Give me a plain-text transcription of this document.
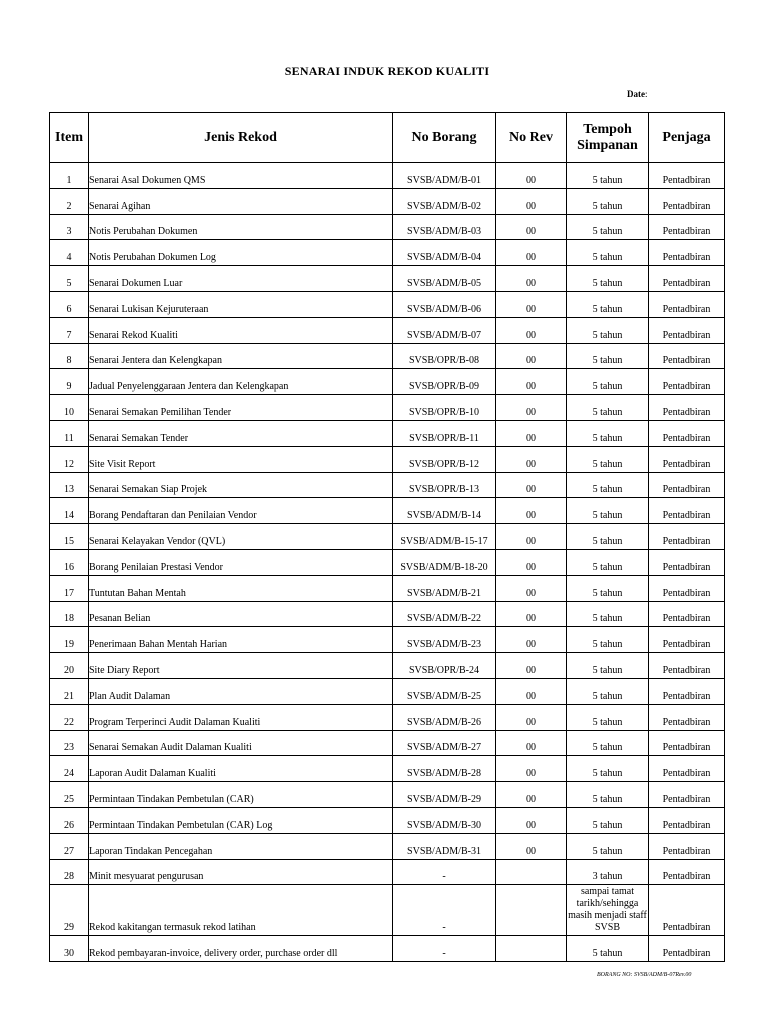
SENARAI INDUK REKOD KUALITI
Date:
Item	Jenis Rekod	No Borang	No Rev	Tempoh Simpanan	Penjaga
1	Senarai Asal Dokumen QMS	SVSB/ADM/B-01	00	5 tahun	Pentadbiran
2	Senarai Agihan	SVSB/ADM/B-02	00	5 tahun	Pentadbiran
3	Notis Perubahan Dokumen	SVSB/ADM/B-03	00	5 tahun	Pentadbiran
4	Notis Perubahan Dokumen Log	SVSB/ADM/B-04	00	5 tahun	Pentadbiran
5	Senarai Dokumen Luar	SVSB/ADM/B-05	00	5 tahun	Pentadbiran
6	Senarai Lukisan Kejuruteraan	SVSB/ADM/B-06	00	5 tahun	Pentadbiran
7	Senarai Rekod Kualiti	SVSB/ADM/B-07	00	5 tahun	Pentadbiran
8	Senarai Jentera dan Kelengkapan	SVSB/OPR/B-08	00	5 tahun	Pentadbiran
9	Jadual Penyelenggaraan Jentera dan Kelengkapan	SVSB/OPR/B-09	00	5 tahun	Pentadbiran
10	Senarai Semakan Pemilihan Tender	SVSB/OPR/B-10	00	5 tahun	Pentadbiran
11	Senarai Semakan Tender	SVSB/OPR/B-11	00	5 tahun	Pentadbiran
12	Site Visit Report	SVSB/OPR/B-12	00	5 tahun	Pentadbiran
13	Senarai Semakan Siap Projek	SVSB/OPR/B-13	00	5 tahun	Pentadbiran
14	Borang Pendaftaran dan Penilaian Vendor	SVSB/ADM/B-14	00	5 tahun	Pentadbiran
15	Senarai Kelayakan Vendor (QVL)	SVSB/ADM/B-15-17	00	5 tahun	Pentadbiran
16	Borang Penilaian Prestasi Vendor	SVSB/ADM/B-18-20	00	5 tahun	Pentadbiran
17	Tuntutan Bahan Mentah	SVSB/ADM/B-21	00	5 tahun	Pentadbiran
18	Pesanan Belian	SVSB/ADM/B-22	00	5 tahun	Pentadbiran
19	Penerimaan Bahan Mentah Harian	SVSB/ADM/B-23	00	5 tahun	Pentadbiran
20	Site Diary Report	SVSB/OPR/B-24	00	5 tahun	Pentadbiran
21	Plan Audit Dalaman	SVSB/ADM/B-25	00	5 tahun	Pentadbiran
22	Program Terperinci Audit Dalaman Kualiti	SVSB/ADM/B-26	00	5 tahun	Pentadbiran
23	Senarai Semakan Audit Dalaman Kualiti	SVSB/ADM/B-27	00	5 tahun	Pentadbiran
24	Laporan Audit Dalaman Kualiti	SVSB/ADM/B-28	00	5 tahun	Pentadbiran
25	Permintaan Tindakan Pembetulan (CAR)	SVSB/ADM/B-29	00	5 tahun	Pentadbiran
26	Permintaan Tindakan Pembetulan (CAR) Log	SVSB/ADM/B-30	00	5 tahun	Pentadbiran
27	Laporan Tindakan Pencegahan	SVSB/ADM/B-31	00	5 tahun	Pentadbiran
28	Minit mesyuarat pengurusan	-		3 tahun	Pentadbiran
29	Rekod kakitangan termasuk rekod latihan	-		sampai tamat tarikh/sehingga masih menjadi staff SVSB	Pentadbiran
30	Rekod pembayaran-invoice, delivery order, purchase order dll	-		5 tahun	Pentadbiran
BORANG NO: SVSB/ADM/B-07Rev.00
